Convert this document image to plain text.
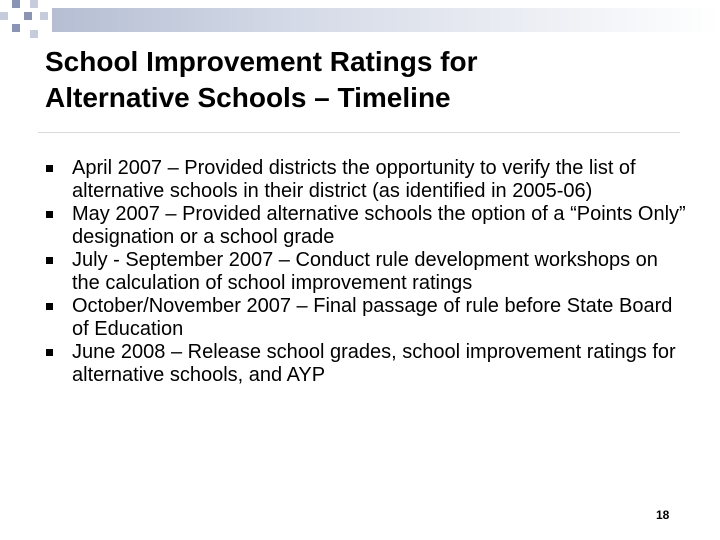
School Improvement Ratings for
Alternative Schools – Timeline
April 2007 – Provided districts the opportunity to verify the list of alternative schools in their district (as identified in 2005-06)
May 2007 – Provided alternative schools the option of a “Points Only” designation or a school grade
July - September 2007 – Conduct rule development workshops on the calculation of school improvement ratings
October/November 2007 – Final passage of rule before State Board of Education
June 2008 – Release school grades, school improvement ratings for alternative schools, and AYP
18
